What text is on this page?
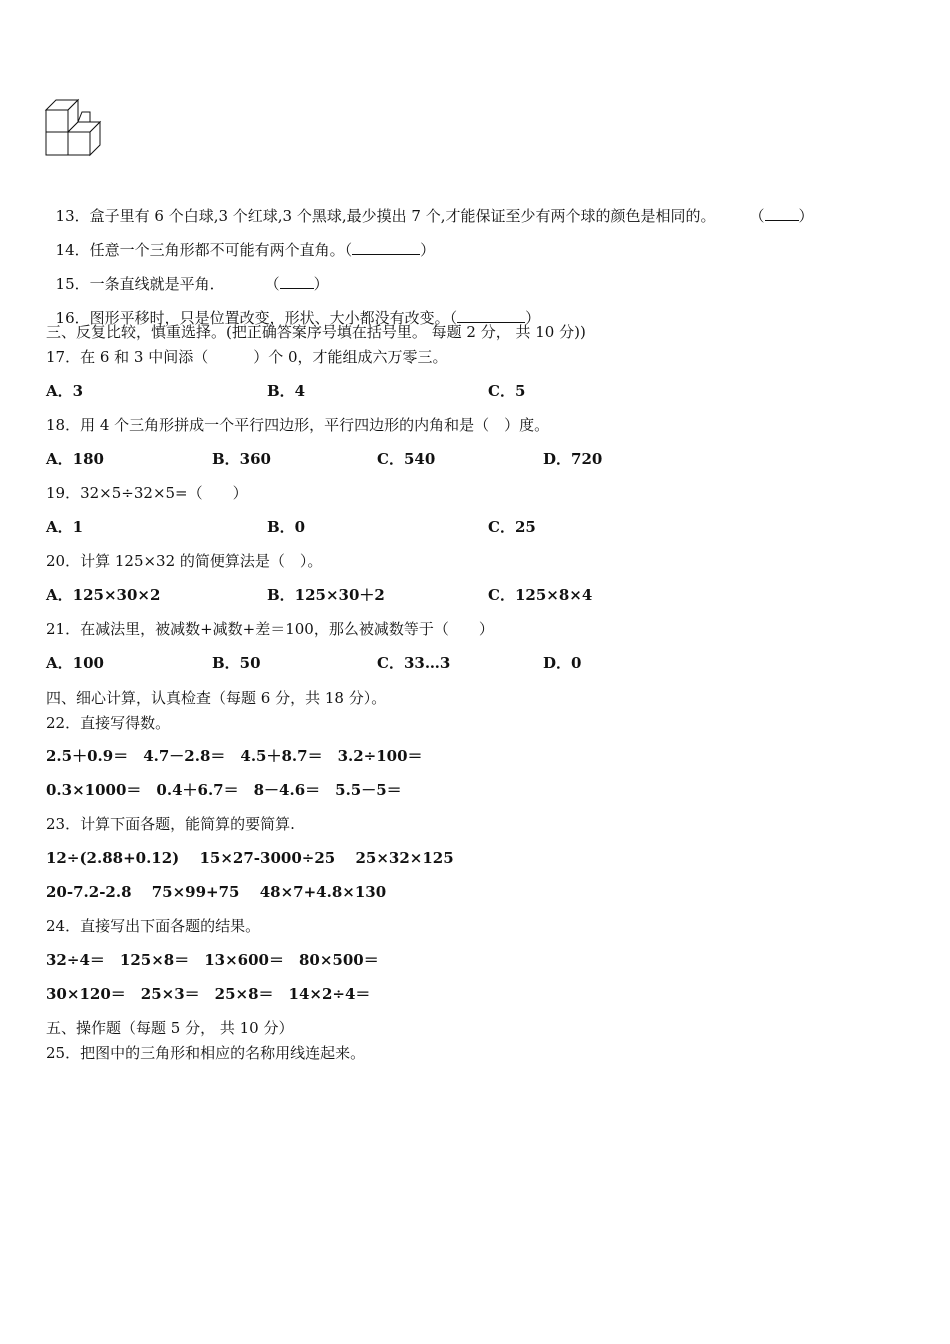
13．盒子里有 6 个白球,3 个红球,3 个黑球,最少摸出 7 个,才能保证至少有两个球的颜色是相同的。 （ ）

14．任意一个三角形都不可能有两个直角。（	）

15．一条直线就是平角．	（ ）

16．图形平移时，只是位置改变，形状、大小都没有改变。（	）

三、反复比较，慎重选择。(把正确答案序号填在括号里。 每题 2 分， 共 10 分))
17．在 6 和 3 中间添（　　　）个 0，才能组成六万零三。
A．3	B．4	C．5
18．用 4 个三角形拼成一个平行四边形，平行四边形的内角和是（　）度。
A．180	B．360	C．540	D．720
19．32×5÷32×5=（　　）
A．1	B．0	C．25
20．计算 125×32 的简便算法是（　）。
A．125×30×2	B．125×30＋2	C．125×8×4
21．在减法里，被减数+减数+差＝100，那么被减数等于（　　）
A．100	B．50	C．33…3	D．0
四、细心计算，认真检查（每题 6 分，共 18 分）。
22．直接写得数。
2.5＋0.9＝　4.7－2.8＝　4.5＋8.7＝　3.2÷100＝
0.3×1000＝　0.4＋6.7＝　8－4.6＝　5.5－5＝
23．计算下面各题，能简算的要简算.
12÷(2.88+0.12)　 15×27-3000÷25　 25×32×125
20-7.2-2.8　 75×99+75　 48×7+4.8×130
24．直接写出下面各题的结果。
32÷4＝　125×8＝　13×600＝　80×500＝
30×120＝　25×3＝　25×8＝　14×2÷4＝
五、操作题（每题 5 分， 共 10 分）
25．把图中的三角形和相应的名称用线连起来。
